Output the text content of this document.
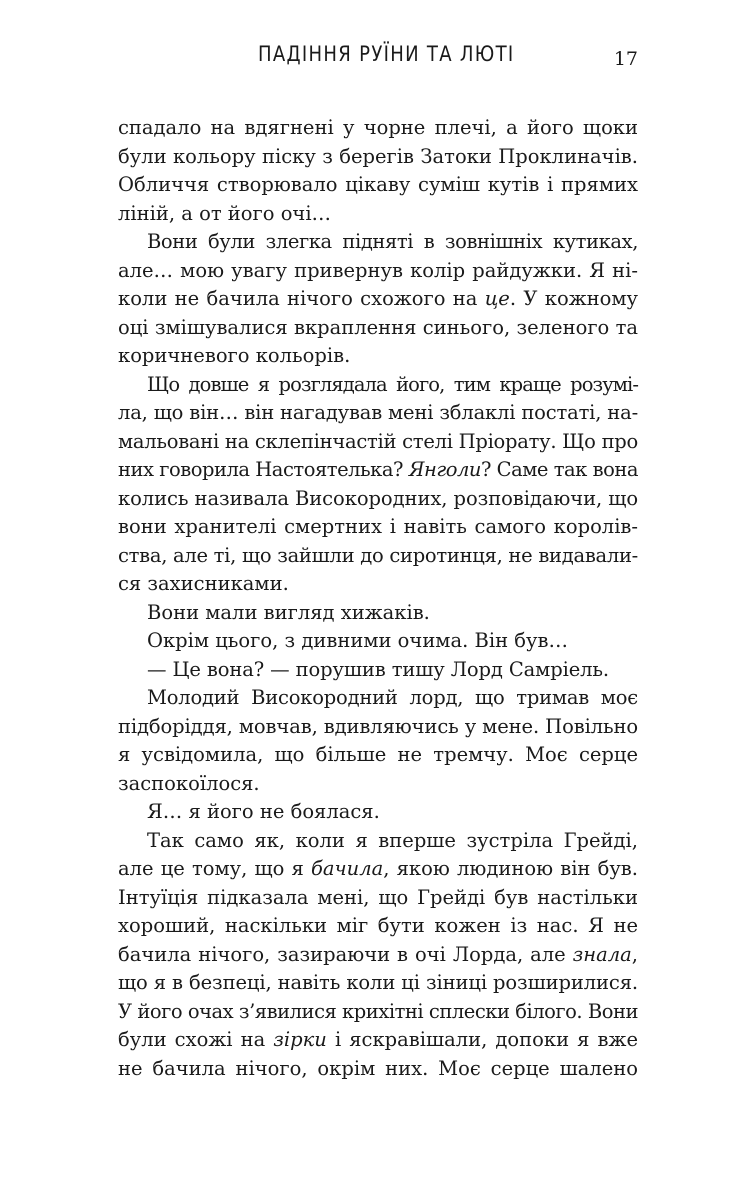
ПАДІННЯ РУЇНИ ТА ЛЮТІ	17
спадало на вдягнені у чорне плечі, а його щоки
були кольору піску з берегів Затоки Проклиначів.
Обличчя створювало цікаву суміш кутів і прямих
ліній, а от його очі…
Вони були злегка підняті в зовнішніх кутиках,
але… мою увагу привернув колір райдужки. Я ні-
коли не бачила нічого схожого на це. У кожному
оці змішувалися вкраплення синього, зеленого та
коричневого кольорів.
Що довше я розглядала його, тим краще розумі-
ла, що він… він нагадував мені зблаклі постаті, на-
мальовані на склепінчастій стелі Пріорату. Що про
них говорила Настоятелька? Янголи? Саме так вона
колись називала Високородних, розповідаючи, що
вони хранителі смертних і навіть самого королів-
ства, але ті, що зайшли до сиротинця, не видавали-
ся захисниками.
Вони мали вигляд хижаків.
Окрім цього, з дивними очима. Він був…
— Це вона? — порушив тишу Лорд Самріель.
Молодий Високородний лорд, що тримав моє
підборіддя, мовчав, вдивляючись у мене. Повільно
я усвідомила, що більше не тремчу. Моє серце
заспокоїлося.
Я… я його не боялася.
Так само як, коли я вперше зустріла Грейді,
але це тому, що я бачила, якою людиною він був.
Інтуїція підказала мені, що Грейді був настільки
хороший, наскільки міг бути кожен із нас. Я не
бачила нічого, зазираючи в очі Лорда, але знала,
що я в безпеці, навіть коли ці зіниці розширилися.
У його очах з’явилися крихітні сплески білого. Вони
були схожі на зірки і яскравішали, допоки я вже
не бачила нічого, окрім них. Моє серце шалено
